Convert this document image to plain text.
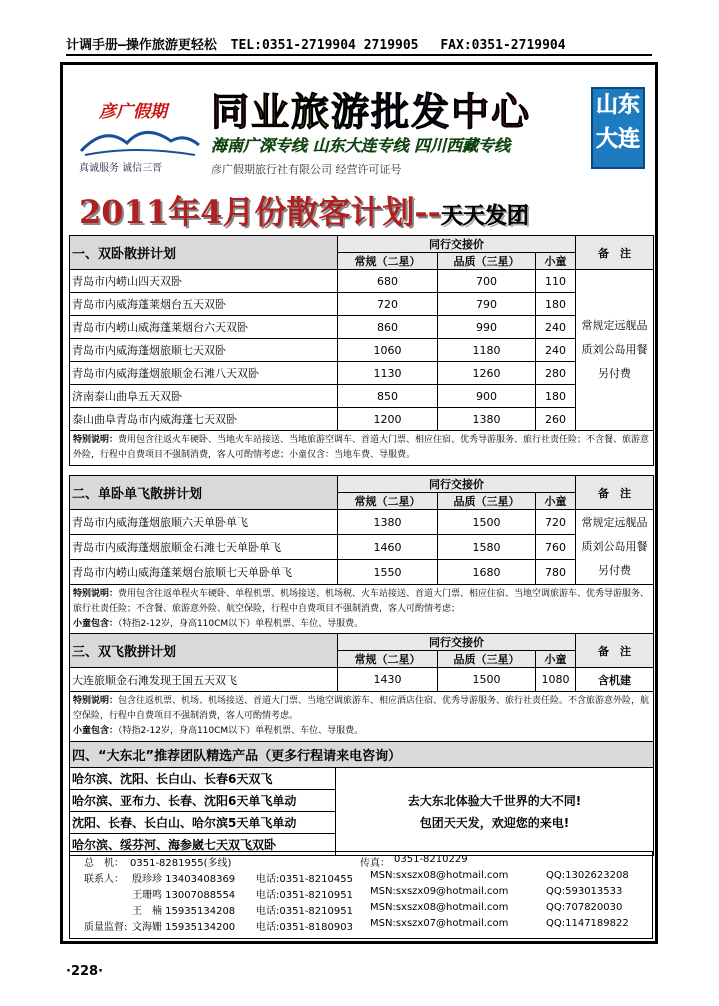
计调手册—操作旅游更轻松 TEL:0351-2719904 2719905 FAX:0351-2719904
彦广假期
真诚服务 诚信三晋
同业旅游批发中心
海南广深专线 山东大连专线 四川西藏专线
彦广假期旅行社有限公司 经营许可证号
山东
大连
2011年4月份散客计划--天天发团
一、双卧散拼计划	同行交接价			备　注
	常规（二星）	品质（三星）	小童	
青岛市内崂山四天双卧	680	700	110	常规定远舰品质刘公岛用餐另付费
青岛市内威海蓬莱烟台五天双卧	720	790	180	
青岛市内崂山威海蓬莱烟台六天双卧	860	990	240	
青岛市内威海蓬烟旅顺七天双卧	1060	1180	240	
青岛市内威海蓬烟旅顺金石滩八天双卧	1130	1260	280	
济南泰山曲阜五天双卧	850	900	180	
泰山曲阜青岛市内威海蓬七天双卧	1200	1380	260	
特别说明：费用包含往返火车硬卧、当地火车站接送、当地旅游空调车、首道大门票、相应住宿、优秀导游服务、旅行社责任险；不含餐、旅游意外险，行程中自费项目不强制消费，客人可酌情考虑；小童仅含：当地车费、导服费。				
二、单卧单飞散拼计划	同行交接价			备　注
	常规（二星）	品质（三星）	小童	
青岛市内威海蓬烟旅顺六天单卧单飞	1380	1500	720	常规定远舰品质刘公岛用餐另付费
青岛市内威海蓬烟旅顺金石滩七天单卧单飞	1460	1580	760	
青岛市内崂山威海蓬莱烟台旅顺七天单卧单飞	1550	1680	780	
特别说明：费用包含往返单程火车硬卧、单程机票、机场接送、机场税、火车站接送、首道大门票、相应住宿、当地空调旅游车、优秀导游服务、旅行社责任险；不含餐、旅游意外险、航空保险，行程中自费项目不强制消费，客人可酌情考虑；
小童包含：（特指2-12岁，身高110CM以下）单程机票、车位、导服费。				
三、双飞散拼计划	同行交接价			备　注
	常规（二星）	品质（三星）	小童	
大连旅顺金石滩发现王国五天双飞	1430	1500	1080	含机建
特别说明：包含往返机票、机场、机场接送、首道大门票、当地空调旅游车、相应酒店住宿、优秀导游服务、旅行社责任险。不含旅游意外险，航空保险，行程中自费项目不强制消费，客人可酌情考虑。
小童包含：（特指2-12岁，身高110CM以下）单程机票、车位、导服费。				
四、“大东北”推荐团队精选产品（更多行程请来电咨询）
哈尔滨、沈阳、长白山、长春6天双飞	
去大东北体验大千世界的大不同!
包团天天发，欢迎您的来电!

哈尔滨、亚布力、长春、沈阳6天单飞单动
沈阳、长春、长白山、哈尔滨5天单飞单动
哈尔滨、绥芬河、海参崴七天双飞双卧
总　机： 0351-8281955(多线)	传真： 0351-8210229
联系人： 殷珍珍 13403408369 电话:0351-8210455 MSN:sxszx08@hotmail.com	QQ:1302623208
王珊鸣 13007088554 电话:0351-8210951 MSN:sxszx09@hotmail.com	QQ:593013533
王　楠 15935134208 电话:0351-8210951 MSN:sxszx08@hotmail.com	QQ:707820030
质量监督: 文海姗 15935134200 电话:0351-8180903 MSN:sxszx07@hotmail.com	QQ:1147189822
·228·
